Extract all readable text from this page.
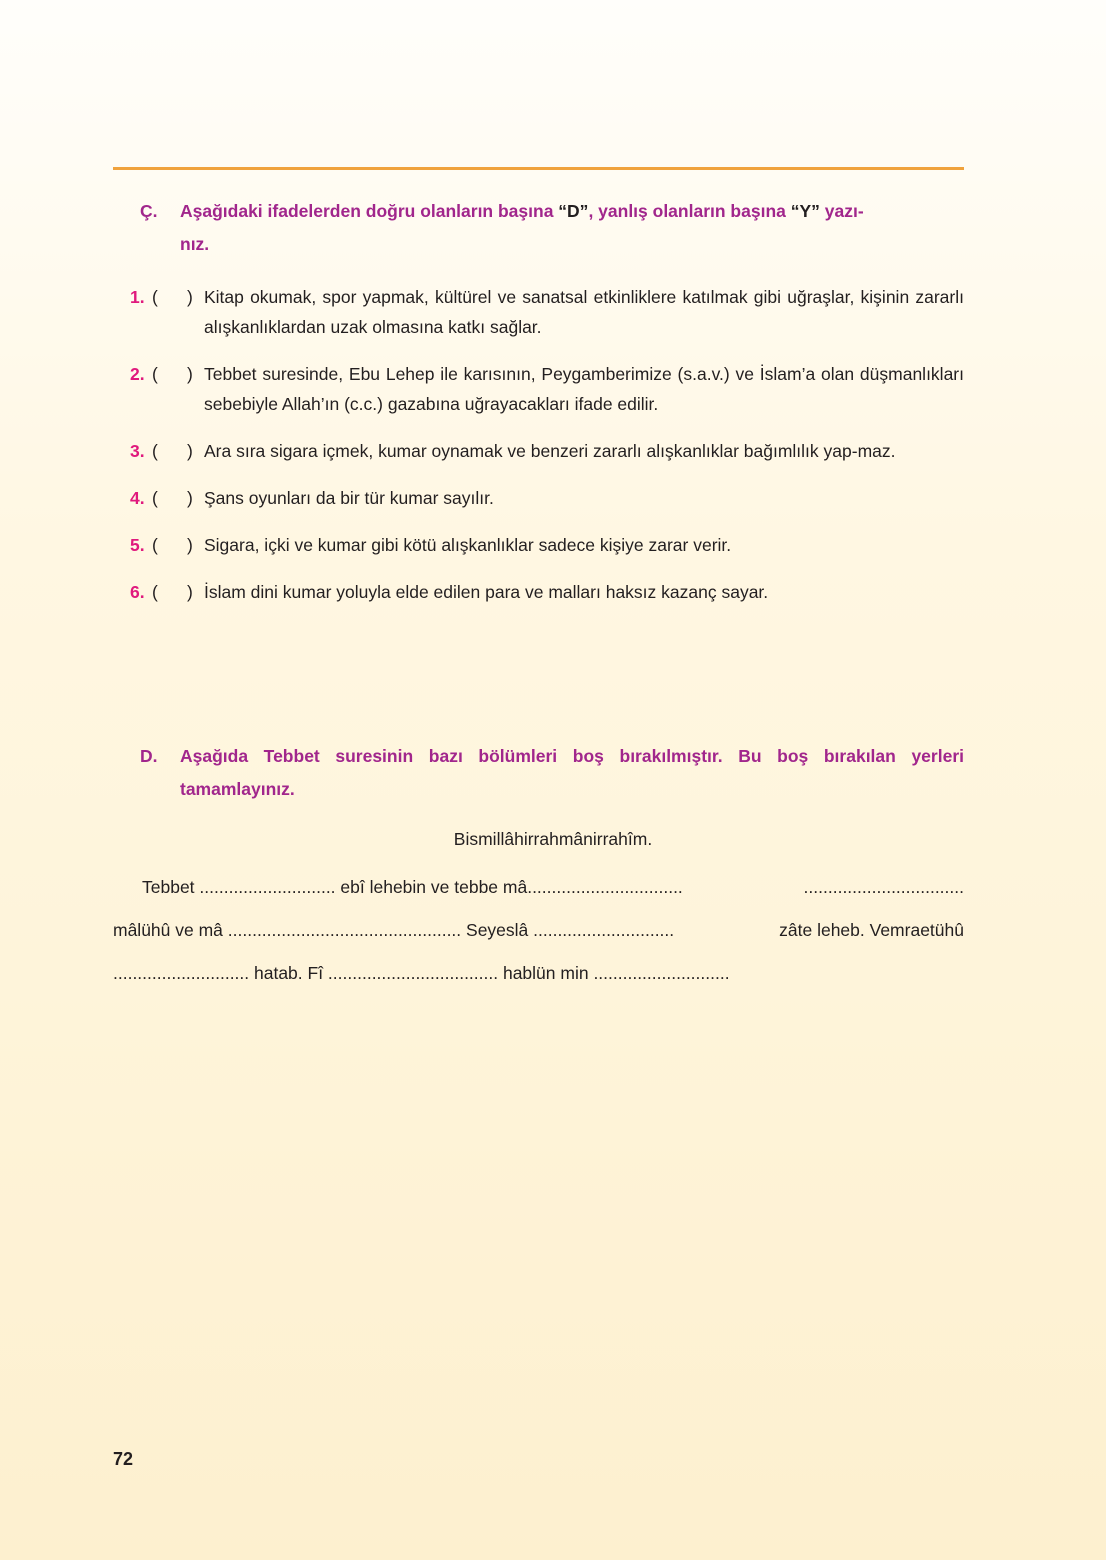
Ç. Aşağıdaki ifadelerden doğru olanların başına “D”, yanlış olanların başına “Y” yazı-
nız.
1. ( ) Kitap okumak, spor yapmak, kültürel ve sanatsal etkinliklere katılmak gibi uğraşlar, kişinin zararlı alışkanlıklardan uzak olmasına katkı sağlar.
2. ( ) Tebbet suresinde, Ebu Lehep ile karısının, Peygamberimize (s.a.v.) ve İslam’a olan düşmanlıkları sebebiyle Allah’ın (c.c.) gazabına uğrayacakları ifade edilir.
3. ( ) Ara sıra sigara içmek, kumar oynamak ve benzeri zararlı alışkanlıklar bağımlılık yap-maz.
4. ( ) Şans oyunları da bir tür kumar sayılır.
5. ( ) Sigara, içki ve kumar gibi kötü alışkanlıklar sadece kişiye zarar verir.
6. ( ) İslam dini kumar yoluyla elde edilen para ve malları haksız kazanç sayar.
D. Aşağıda Tebbet suresinin bazı bölümleri boş bırakılmıştır. Bu boş bırakılan yerleri tamamlayınız.
Bismillâhirrahmânirrahîm.
Tebbet ............................ ebî lehebin ve tebbe mâ................................	.................................
mâlühû ve mâ ................................................ Seyeslâ .............................	zâte leheb. Vemraetühû
............................ hatab. Fî ................................... hablün min ............................
72
